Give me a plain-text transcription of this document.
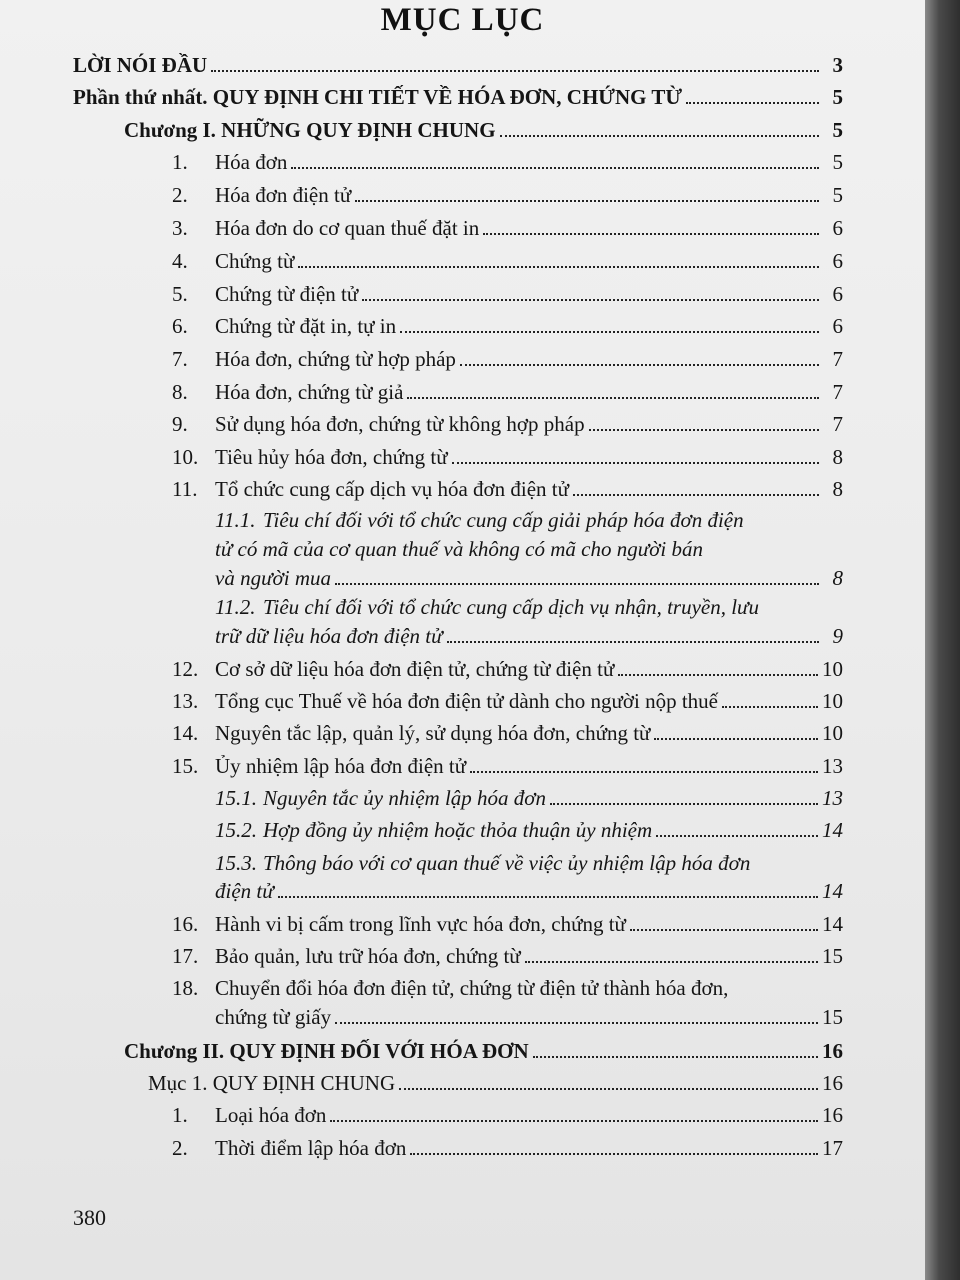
MỤC LỤC
LỜI NÓI ĐẦU	3
Phần thứ nhất. QUY ĐỊNH CHI TIẾT VỀ HÓA ĐƠN, CHỨNG TỪ	5
Chương I. NHỮNG QUY ĐỊNH CHUNG	5
1.	Hóa đơn	5
2.	Hóa đơn điện tử	5
3.	Hóa đơn do cơ quan thuế đặt in	6
4.	Chứng từ	6
5.	Chứng từ điện tử	6
6.	Chứng từ đặt in, tự in	6
7.	Hóa đơn, chứng từ hợp pháp	7
8.	Hóa đơn, chứng từ giả	7
9.	Sử dụng hóa đơn, chứng từ không hợp pháp	7
10. Tiêu hủy hóa đơn, chứng từ	8
11. Tổ chức cung cấp dịch vụ hóa đơn điện tử	8
11.1. Tiêu chí đối với tổ chức cung cấp giải pháp hóa đơn điện
tử có mã của cơ quan thuế và không có mã cho người bán
và người mua	8
11.2. Tiêu chí đối với tổ chức cung cấp dịch vụ nhận, truyền, lưu
trữ dữ liệu hóa đơn điện tử	9
12. Cơ sở dữ liệu hóa đơn điện tử, chứng từ điện tử	10
13. Tổng cục Thuế về hóa đơn điện tử dành cho người nộp thuế	10
14. Nguyên tắc lập, quản lý, sử dụng hóa đơn, chứng từ	10
15. Ủy nhiệm lập hóa đơn điện tử	13
15.1. Nguyên tắc ủy nhiệm lập hóa đơn	13
15.2. Hợp đồng ủy nhiệm hoặc thỏa thuận ủy nhiệm	14
15.3. Thông báo với cơ quan thuế về việc ủy nhiệm lập hóa đơn
điện tử	14
16. Hành vi bị cấm trong lĩnh vực hóa đơn, chứng từ	14
17. Bảo quản, lưu trữ hóa đơn, chứng từ	15
18. Chuyển đổi hóa đơn điện tử, chứng từ điện tử thành hóa đơn,
chứng từ giấy	15
Chương II. QUY ĐỊNH ĐỐI VỚI HÓA ĐƠN	16
Mục 1. QUY ĐỊNH CHUNG	16
1.	Loại hóa đơn	16
2.	Thời điểm lập hóa đơn	17
380
